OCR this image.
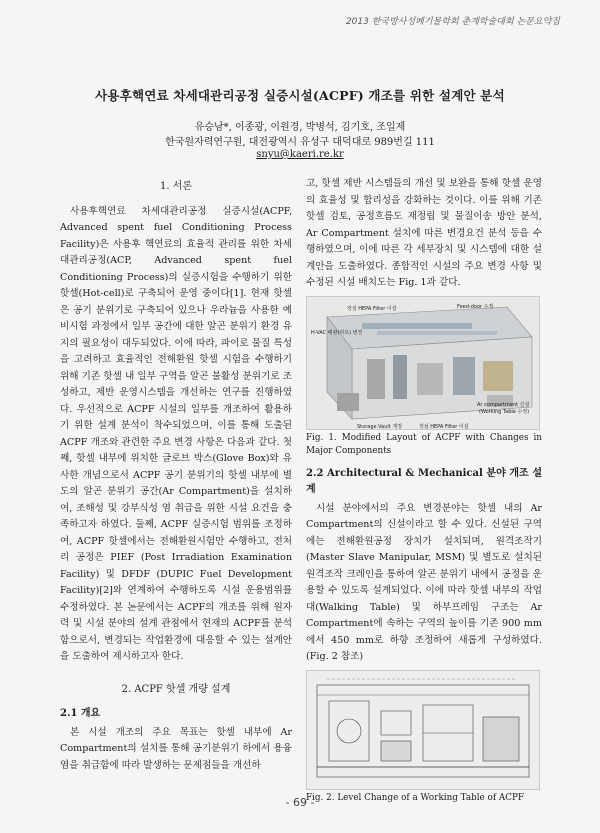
2013 한국방사성폐기물학회 춘계학술대회 논문요약집
사용후핵연료 차세대관리공정 실증시설(ACPF) 개조를 위한 설계안 분석
유승남*, 이종광, 이원경, 박병석, 김기호, 조일제
한국원자력연구원, 대전광역시 유성구 대덕대로 989번길 111
snyu@kaeri.re.kr
1. 서론

사용후핵연료 차세대관리공정 실증시설(ACPF, Advanced spent fuel Conditioning Process Facility)은 사용후 핵연료의 효율적 관리를 위한 차세대관리공정(ACP, Advanced spent fuel Conditioning Process)의 실증시험을 수행하기 위한 핫셀(Hot-cell)로 구축되어 운영 중이다[1]. 현재 핫셀은 공기 분위기로 구축되어 있으나 우라늄을 사용한 예비시험 과정에서 일부 공간에 대한 알곤 분위기 환경 유지의 필요성이 대두되었다. 이에 따라, 파이로 물질 특성을 고려하고 효율적인 전해환원 핫셀 시험을 수행하기 위해 기존 핫셀 내 일부 구역을 알곤 불활성 분위기로 조성하고, 제반 운영시스템을 개선하는 연구를 진행하였다. 우선적으로 ACPF 시설의 일부를 개조하여 활용하기 위한 설계 분석이 착수되었으며, 이를 통해 도출된 ACPF 개조와 관련한 주요 변경 사항은 다음과 같다. 첫째, 핫셀 내부에 위치한 글로브 박스(Glove Box)와 유사한 개념으로서 ACPF 공기 분위기의 핫셀 내부에 별도의 알곤 분위기 공간(Ar Compartment)을 설치하여, 조해성 및 강부식성 염 취급을 위한 시설 요건을 충족하고자 하였다. 둘째, ACPF 실증시험 범위를 조정하여, ACPF 핫셀에서는 전해환원시험만 수행하고, 전처리 공정은 PIEF (Post Irradiation Examination Facility) 및 DFDF (DUPIC Fuel Development Facility)[2]와 연계하여 수행하도록 시설 운용범위를 수정하였다. 본 논문에서는 ACPF의 개조를 위해 원자력 및 시설 분야의 설계 관점에서 현재의 ACPF를 분석함으로서, 변경되는 작업환경에 대응할 수 있는 설계안을 도출하여 제시하고자 한다.

2. ACPF 핫셀 개량 설계
2.1 개요

본 시설 개조의 주요 목표는 핫셀 내부에 Ar Compartment의 설치를 통해 공기분위기 하에서 용융염을 취급함에 따라 발생하는 문제점들을 개선하

고, 핫셀 제반 시스템들의 개선 및 보완을 통해 핫셀 운영의 효율성 및 합리성을 강화하는 것이다. 이를 위해 기존 핫셀 검토, 공정흐름도 재정립 및 물질이송 방안 분석, Ar Compartment 설치에 따른 변경요건 분석 등을 수행하였으며, 이에 따른 각 세부장치 및 시스템에 대한 설계안을 도출하였다. 종합적인 시설의 주요 변경 사항 및 수정된 시설 배치도는 Fig. 1과 같다.

장섬 HEPA Filter 이설	Feed-door 수정
H-VAC 배관(덕트) 변경
Storage Vault 재정	장섬 HEPA Filter 이설
Ar compartment 신설
(Working Table 수정)
Fig. 1. Modified Layout of ACPF with Changes in Major Components
2.2 Architectural & Mechanical 분야 개조 설계

시설 분야에서의 주요 변경분야는 핫셀 내의 Ar Compartment의 신설이라고 할 수 있다. 신설된 구역에는 전해환원공정 장치가 설치되며, 원격조작기(Master Slave Manipular, MSM) 및 별도로 설치된 원격조작 크레인을 통하여 알곤 분위기 내에서 공정을 운용할 수 있도록 설계되었다. 이에 따라 핫셀 내부의 작업대(Walking Table) 및 하부프레임 구조는 Ar Compartment에 속하는 구역의 높이를 기존 900 mm에서 450 mm로 하향 조정하여 새롭게 구성하였다. (Fig. 2 참조)

Fig. 2. Level Change of a Working Table of ACPF
- 69 -
